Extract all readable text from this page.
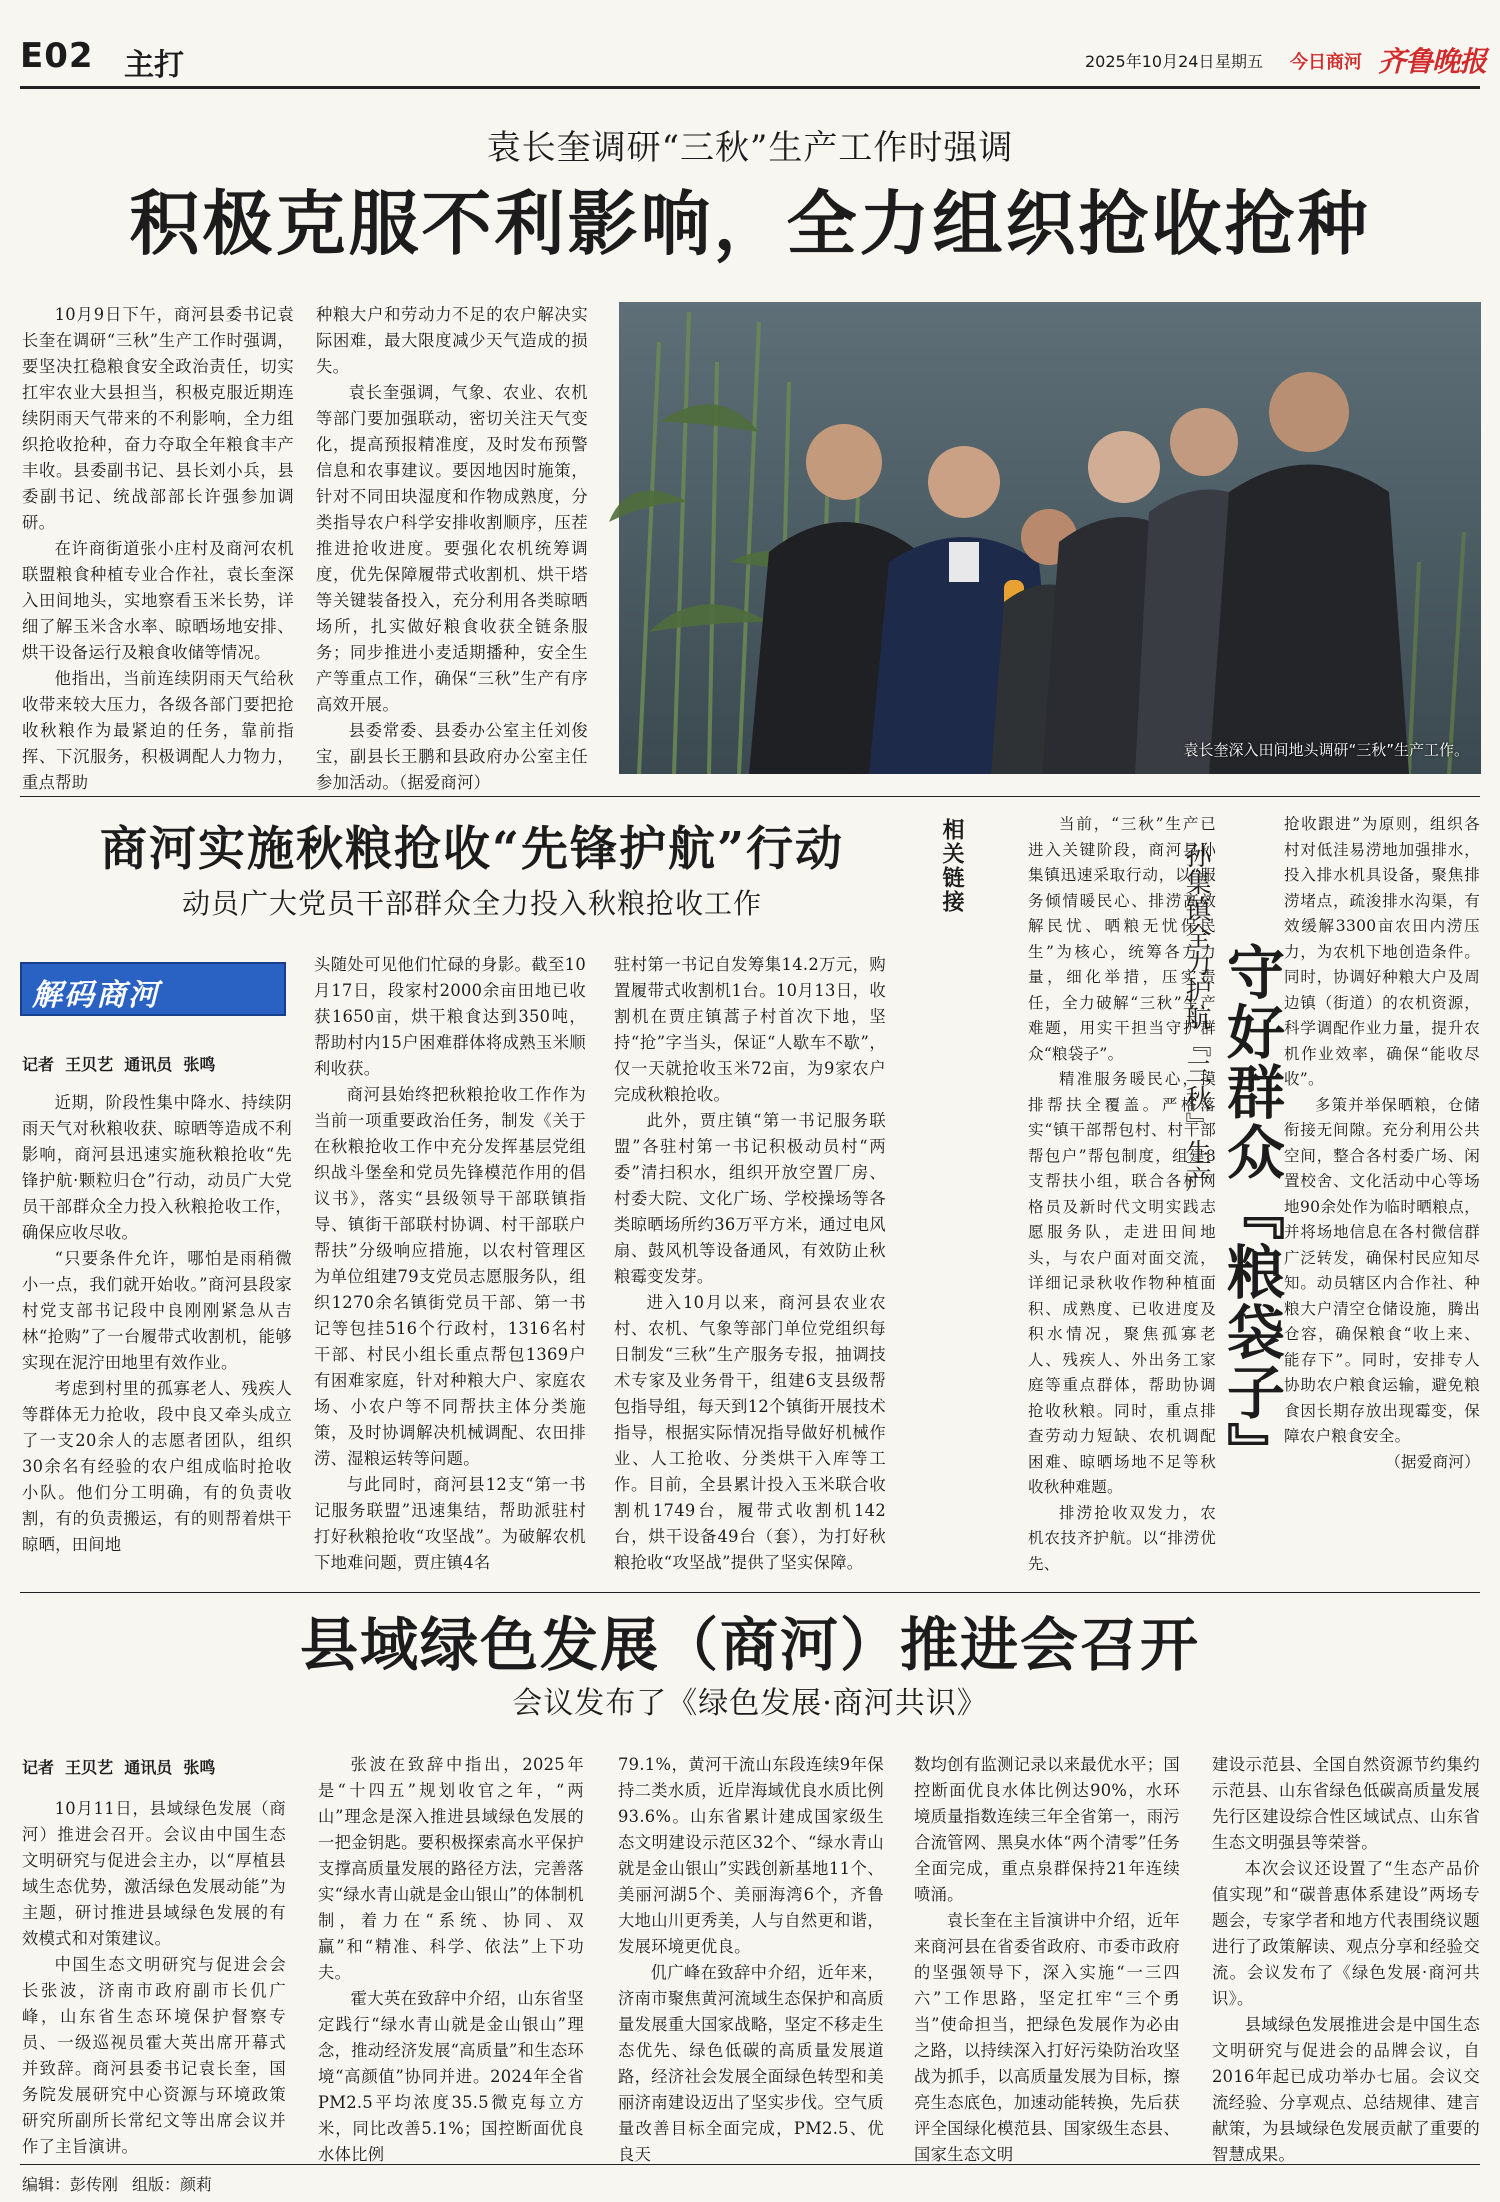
E02 主打	2025年10月24日 星期五 今日商河 齐鲁晚报
袁长奎调研“三秋”生产工作时强调
积极克服不利影响，全力组织抢收抢种

10月9日下午，商河县委书记袁长奎在调研“三秋”生产工作时强调，要坚决扛稳粮食安全政治责任，切实扛牢农业大县担当，积极克服近期连续阴雨天气带来的不利影响，全力组织抢收抢种，奋力夺取全年粮食丰产丰收。县委副书记、县长刘小兵，县委副书记、统战部部长许强参加调研。

在许商街道张小庄村及商河农机联盟粮食种植专业合作社，袁长奎深入田间地头，实地察看玉米长势，详细了解玉米含水率、晾晒场地安排、烘干设备运行及粮食收储等情况。

他指出，当前连续阴雨天气给秋收带来较大压力，各级各部门要把抢收秋粮作为最紧迫的任务，靠前指挥、下沉服务，积极调配人力物力，重点帮助

种粮大户和劳动力不足的农户解决实际困难，最大限度减少天气造成的损失。

袁长奎强调，气象、农业、农机等部门要加强联动，密切关注天气变化，提高预报精准度，及时发布预警信息和农事建议。要因地因时施策，针对不同田块湿度和作物成熟度，分类指导农户科学安排收割顺序，压茬推进抢收进度。要强化农机统筹调度，优先保障履带式收割机、烘干塔等关键装备投入，充分利用各类晾晒场所，扎实做好粮食收获全链条服务；同步推进小麦适期播种，安全生产等重点工作，确保“三秋”生产有序高效开展。

县委常委、县委办公室主任刘俊宝，副县长王鹏和县政府办公室主任参加活动。（据爱商河）

袁长奎深入田间地头调研“三秋”生产工作。
商河实施秋粮抢收“先锋护航”行动
动员广大党员干部群众全力投入秋粮抢收工作
解码商河
记者  王贝艺  通讯员  张鸣

近期，阶段性集中降水、持续阴雨天气对秋粮收获、晾晒等造成不利影响，商河县迅速实施秋粮抢收“先锋护航·颗粒归仓”行动，动员广大党员干部群众全力投入秋粮抢收工作，确保应收尽收。

“只要条件允许，哪怕是雨稍微小一点，我们就开始收。”商河县段家村党支部书记段中良刚刚紧急从吉林“抢购”了一台履带式收割机，能够实现在泥泞田地里有效作业。

考虑到村里的孤寡老人、残疾人等群体无力抢收，段中良又牵头成立了一支20余人的志愿者团队，组织30余名有经验的农户组成临时抢收小队。他们分工明确，有的负责收割，有的负责搬运，有的则帮着烘干晾晒，田间地

头随处可见他们忙碌的身影。截至10月17日，段家村2000余亩田地已收获1650亩，烘干粮食达到350吨，帮助村内15户困难群体将成熟玉米顺利收获。

商河县始终把秋粮抢收工作作为当前一项重要政治任务，制发《关于在秋粮抢收工作中充分发挥基层党组织战斗堡垒和党员先锋模范作用的倡议书》，落实“县级领导干部联镇指导、镇街干部联村协调、村干部联户帮扶”分级响应措施，以农村管理区为单位组建79支党员志愿服务队，组织1270余名镇街党员干部、第一书记等包挂516个行政村，1316名村干部、村民小组长重点帮包1369户有困难家庭，针对种粮大户、家庭农场、小农户等不同帮扶主体分类施策，及时协调解决机械调配、农田排涝、湿粮运转等问题。

与此同时，商河县12支“第一书记服务联盟”迅速集结，帮助派驻村打好秋粮抢收“攻坚战”。为破解农机下地难问题，贾庄镇4名

驻村第一书记自发筹集14.2万元，购置履带式收割机1台。10月13日，收割机在贾庄镇蒿子村首次下地，坚持“抢”字当头，保证“人歇车不歇”，仅一天就抢收玉米72亩，为9家农户完成秋粮抢收。

此外，贾庄镇“第一书记服务联盟”各驻村第一书记积极动员村“两委”清扫积水，组织开放空置厂房、村委大院、文化广场、学校操场等各类晾晒场所约36万平方米，通过电风扇、鼓风机等设备通风，有效防止秋粮霉变发芽。

进入10月以来，商河县农业农村、农机、气象等部门单位党组织每日制发“三秋”生产服务专报，抽调技术专家及业务骨干，组建6支县级帮包指导组，每天到12个镇街开展技术指导，根据实际情况指导做好机械作业、人工抢收、分类烘干入库等工作。目前，全县累计投入玉米联合收割机1749台，履带式收割机142台，烘干设备49台（套），为打好秋粮抢收“攻坚战”提供了坚实保障。

相关链接	当前，“三秋”生产已进入关键阶段，商河县孙集镇迅速采取行动，以“服务倾情暖民心、排涝高效解民忧、晒粮无忧保民生”为核心，统筹各方力量，细化举措，压实责任，全力破解“三秋”生产难题，用实干担当守护群众“粮袋子”。

精准服务暖民心，摸排帮扶全覆盖。严格落实“镇干部帮包村、村干部帮包户”帮包制度，组建8支帮扶小组，联合各村网格员及新时代文明实践志愿服务队，走进田间地头，与农户面对面交流，详细记录秋收作物种植面积、成熟度、已收进度及积水情况，聚焦孤寡老人、残疾人、外出务工家庭等重点群体，帮助协调抢收秋粮。同时，重点排查劳动力短缺、农机调配困难、晾晒场地不足等秋收秋种难题。

排涝抢收双发力，农机农技齐护航。以“排涝优先、

守好群众『粮袋子』
孙集镇全力护航『三秋』生产

抢收跟进”为原则，组织各村对低洼易涝地加强排水，投入排水机具设备，聚焦排涝堵点，疏浚排水沟渠，有效缓解3300亩农田内涝压力，为农机下地创造条件。同时，协调好种粮大户及周边镇（街道）的农机资源，科学调配作业力量，提升农机作业效率，确保“能收尽收”。

多策并举保晒粮，仓储衔接无间隙。充分利用公共空间，整合各村委广场、闲置校舍、文化活动中心等场地90余处作为临时晒粮点，并将场地信息在各村微信群广泛转发，确保村民应知尽知。动员辖区内合作社、种粮大户清空仓储设施，腾出仓容，确保粮食“收上来、能存下”。同时，安排专人协助农户粮食运输，避免粮食因长期存放出现霉变，保障农户粮食安全。

（据爱商河）

县域绿色发展（商河）推进会召开
会议发布了《绿色发展·商河共识》
记者  王贝艺  通讯员  张鸣

10月11日，县域绿色发展（商河）推进会召开。会议由中国生态文明研究与促进会主办，以“厚植县域生态优势，激活绿色发展动能”为主题，研讨推进县域绿色发展的有效模式和对策建议。

中国生态文明研究与促进会会长张波，济南市政府副市长仉广峰，山东省生态环境保护督察专员、一级巡视员霍大英出席开幕式并致辞。商河县委书记袁长奎，国务院发展研究中心资源与环境政策研究所副所长常纪文等出席会议并作了主旨演讲。

张波在致辞中指出，2025年是“十四五”规划收官之年，“两山”理念是深入推进县域绿色发展的一把金钥匙。要积极探索高水平保护支撑高质量发展的路径方法，完善落实“绿水青山就是金山银山”的体制机制，着力在“系统、协同、双赢”和“精准、科学、依法”上下功夫。

霍大英在致辞中介绍，山东省坚定践行“绿水青山就是金山银山”理念，推动经济发展“高质量”和生态环境“高颜值”协同并进。2024年全省PM2.5平均浓度35.5微克每立方米，同比改善5.1%；国控断面优良水体比例

79.1%，黄河干流山东段连续9年保持二类水质，近岸海域优良水质比例93.6%。山东省累计建成国家级生态文明建设示范区32个、“绿水青山就是金山银山”实践创新基地11个、美丽河湖5个、美丽海湾6个，齐鲁大地山川更秀美，人与自然更和谐，发展环境更优良。

仉广峰在致辞中介绍，近年来，济南市聚焦黄河流域生态保护和高质量发展重大国家战略，坚定不移走生态优先、绿色低碳的高质量发展道路，经济社会发展全面绿色转型和美丽济南建设迈出了坚实步伐。空气质量改善目标全面完成，PM2.5、优良天

数均创有监测记录以来最优水平；国控断面优良水体比例达90%，水环境质量指数连续三年全省第一，雨污合流管网、黑臭水体“两个清零”任务全面完成，重点泉群保持21年连续喷涌。

袁长奎在主旨演讲中介绍，近年来商河县在省委省政府、市委市政府的坚强领导下，深入实施“一三四六”工作思路，坚定扛牢“三个勇当”使命担当，把绿色发展作为必由之路，以持续深入打好污染防治攻坚战为抓手，以高质量发展为目标，擦亮生态底色，加速动能转换，先后获评全国绿化模范县、国家级生态县、国家生态文明

建设示范县、全国自然资源节约集约示范县、山东省绿色低碳高质量发展先行区建设综合性区域试点、山东省生态文明强县等荣誉。

本次会议还设置了“生态产品价值实现”和“碳普惠体系建设”两场专题会，专家学者和地方代表围绕议题进行了政策解读、观点分享和经验交流。会议发布了《绿色发展·商河共识》。

县域绿色发展推进会是中国生态文明研究与促进会的品牌会议，自2016年起已成功举办七届。会议交流经验、分享观点、总结规律、建言献策，为县域绿色发展贡献了重要的智慧成果。

编辑：彭传刚 组版：颜莉
